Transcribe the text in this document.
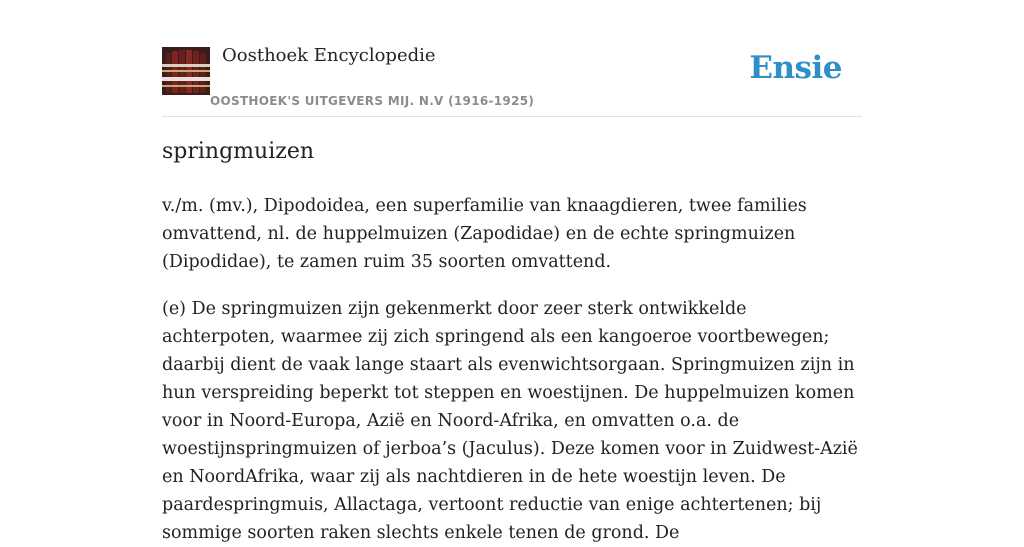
Oosthoek Encyclopedie
OOSTHOEK'S UITGEVERS MIJ. N.V (1916-1925)
Ensie
springmuizen

v./m. (mv.), Dipodoidea, een superfamilie van knaagdieren, twee families omvattend, nl. de huppelmuizen (Zapodidae) en de echte springmuizen (Dipodidae), te zamen ruim 35 soorten omvattend.

(e) De springmuizen zijn gekenmerkt door zeer sterk ontwikkelde achterpoten, waarmee zij zich springend als een kangoeroe voortbewegen; daarbij dient de vaak lange staart als evenwichtsorgaan. Springmuizen zijn in hun verspreiding beperkt tot steppen en woestijnen. De huppelmuizen komen voor in Noord-Europa, Azië en Noord-Afrika, en omvatten o.a. de woestijnspringmuizen of jerboa’s (Jaculus). Deze komen voor in Zuidwest-Azië en NoordAfrika, waar zij als nachtdieren in de hete woestijn leven. De paardespringmuis, Allactaga, vertoont reductie van enige achtertenen; bij sommige soorten raken slechts enkele tenen de grond. De
